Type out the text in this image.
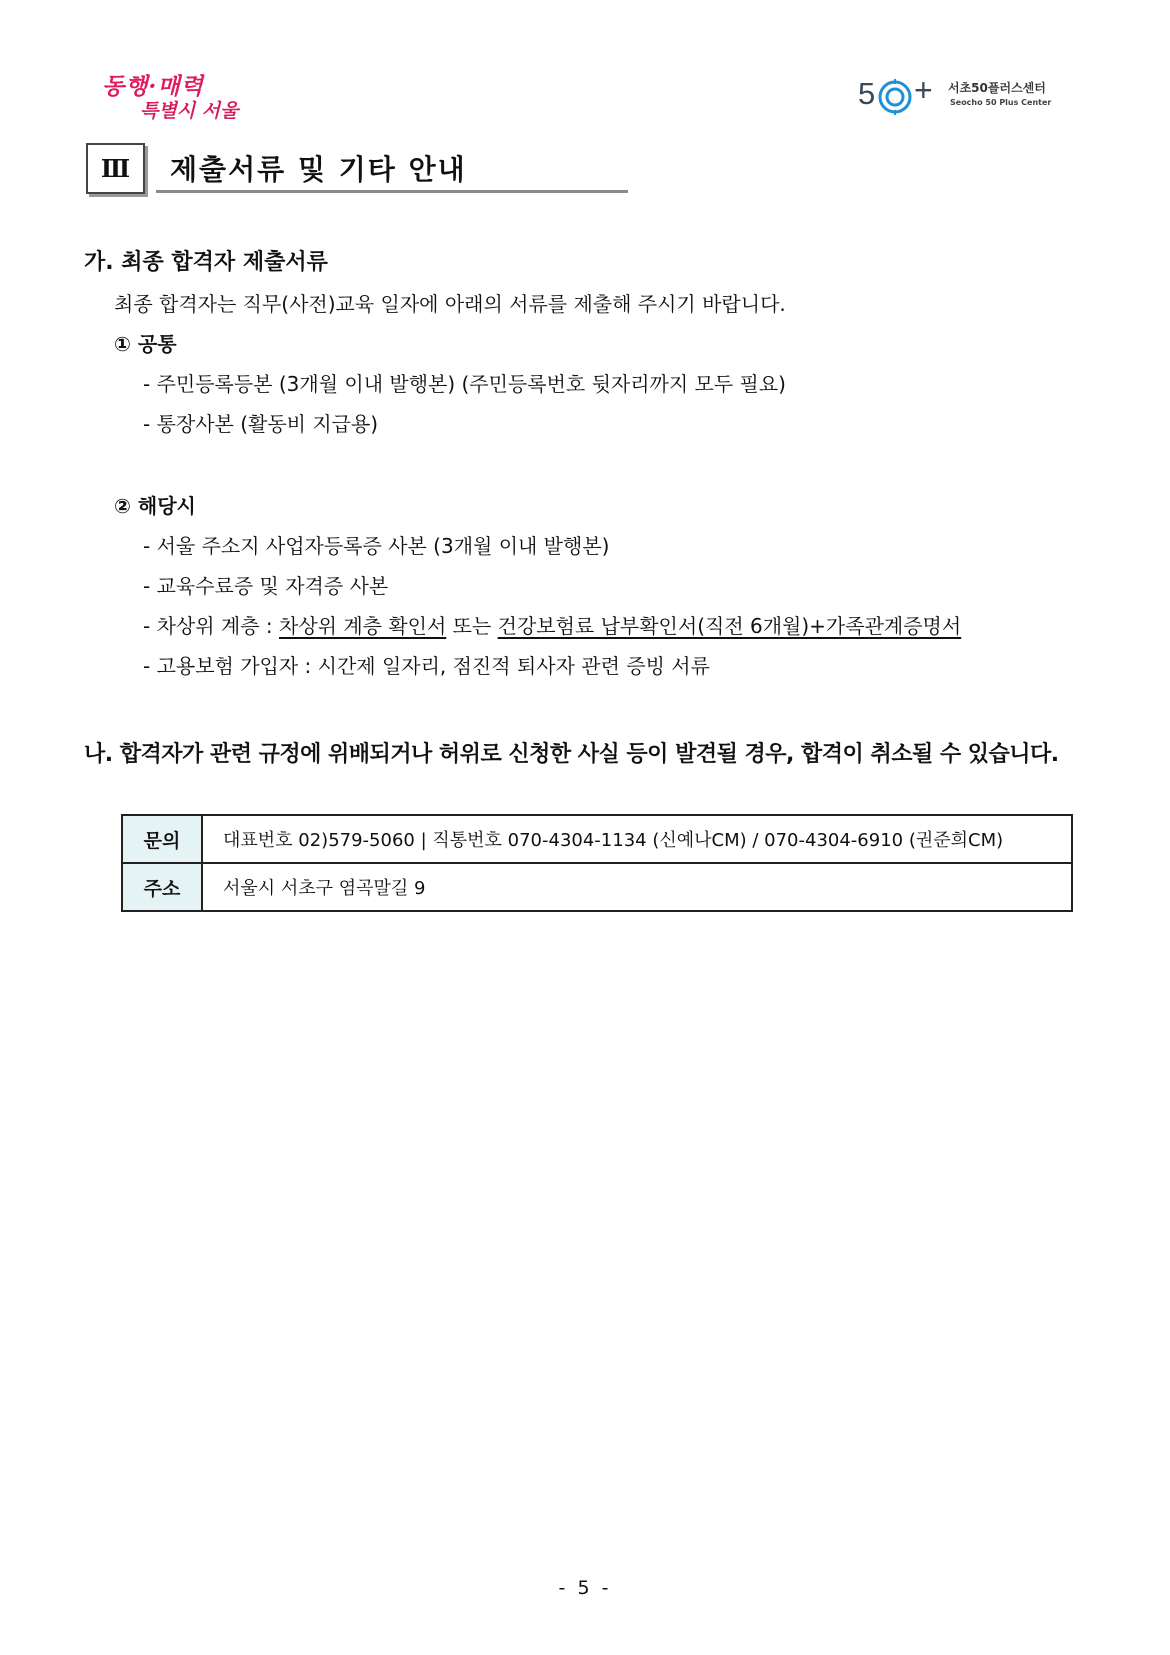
동행·매력
특별시 서울	5 + 서초50플러스센터
Seocho 50 Plus Center
Ⅲ	제출서류 및 기타 안내
가. 최종 합격자 제출서류
최종 합격자는 직무(사전)교육 일자에 아래의 서류를 제출해 주시기 바랍니다.
① 공통
- 주민등록등본 (3개월 이내 발행본) (주민등록번호 뒷자리까지 모두 필요)
- 통장사본 (활동비 지급용)
② 해당시
- 서울 주소지 사업자등록증 사본 (3개월 이내 발행본)
- 교육수료증 및 자격증 사본
- 차상위 계층 : 차상위 계층 확인서 또는 건강보험료 납부확인서(직전 6개월)+가족관계증명서
- 고용보험 가입자 : 시간제 일자리, 점진적 퇴사자 관련 증빙 서류
나. 합격자가 관련 규정에 위배되거나 허위로 신청한 사실 등이 발견될 경우, 합격이 취소될 수 있습니다.
문의	대표번호 02)579-5060 | 직통번호 070-4304-1134 (신예나CM) / 070-4304-6910 (권준희CM)
주소	서울시 서초구 염곡말길 9
- 5 -
